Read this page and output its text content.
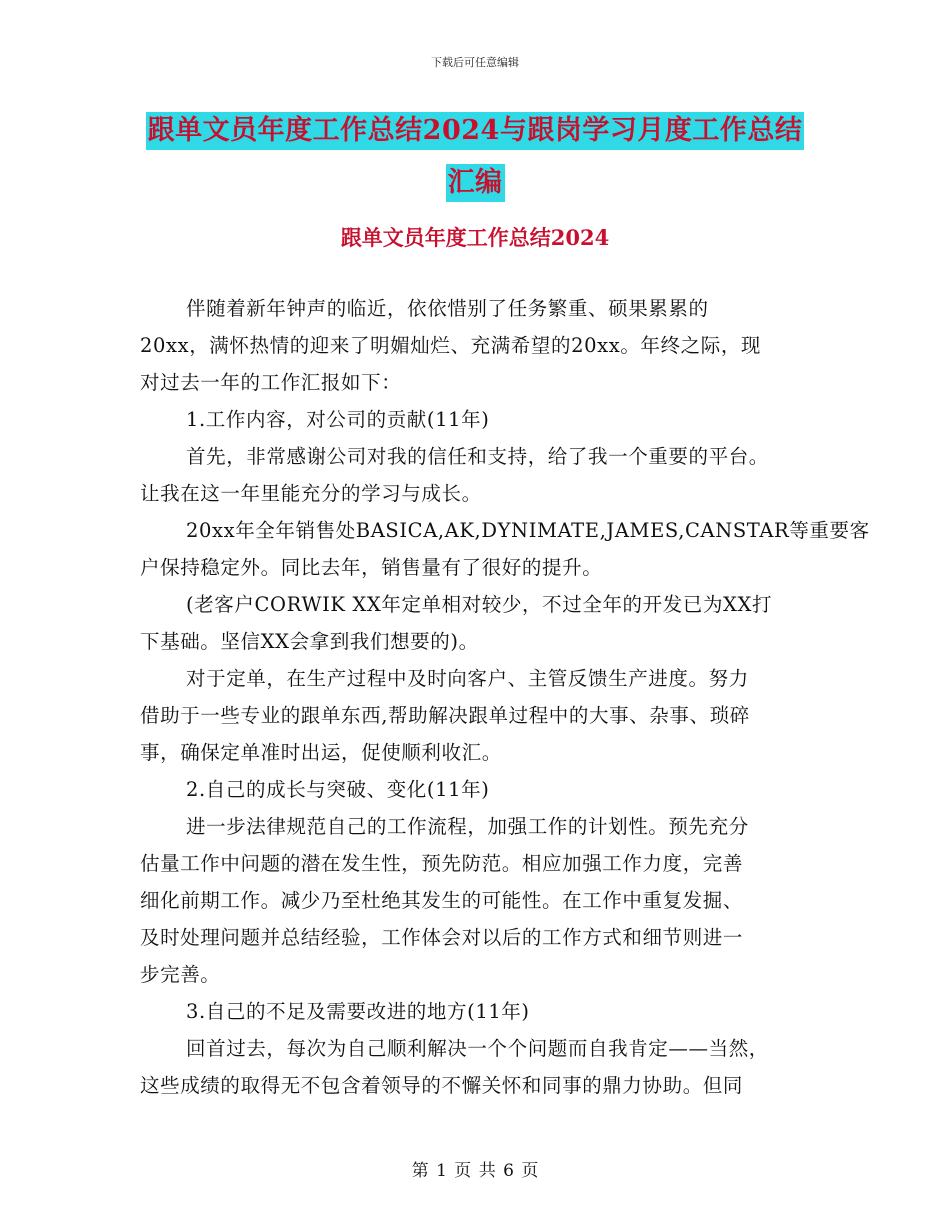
下载后可任意编辑
跟单文员年度工作总结2024与跟岗学习月度工作总结
汇编
跟单文员年度工作总结2024
伴随着新年钟声的临近，依依惜别了任务繁重、硕果累累的
20xx，满怀热情的迎来了明媚灿烂、充满希望的20xx。年终之际，现
对过去一年的工作汇报如下：
1.工作内容，对公司的贡献(11年)
首先，非常感谢公司对我的信任和支持，给了我一个重要的平台。
让我在这一年里能充分的学习与成长。
20xx年全年销售处BASICA,AK,DYNIMATE,JAMES,CANSTAR等重要客
户保持稳定外。同比去年，销售量有了很好的提升。
(老客户CORWIK XX年定单相对较少，不过全年的开发已为XX打
下基础。坚信XX会拿到我们想要的)。
对于定单，在生产过程中及时向客户、主管反馈生产进度。努力
借助于一些专业的跟单东西,帮助解决跟单过程中的大事、杂事、琐碎
事，确保定单准时出运，促使顺利收汇。
2.自己的成长与突破、变化(11年)
进一步法律规范自己的工作流程，加强工作的计划性。预先充分
估量工作中问题的潜在发生性，预先防范。相应加强工作力度，完善
细化前期工作。减少乃至杜绝其发生的可能性。在工作中重复发掘、
及时处理问题并总结经验，工作体会对以后的工作方式和细节则进一
步完善。
3.自己的不足及需要改进的地方(11年)
回首过去，每次为自己顺利解决一个个问题而自我肯定——当然，
这些成绩的取得无不包含着领导的不懈关怀和同事的鼎力协助。但同
第 1 页 共 6 页
